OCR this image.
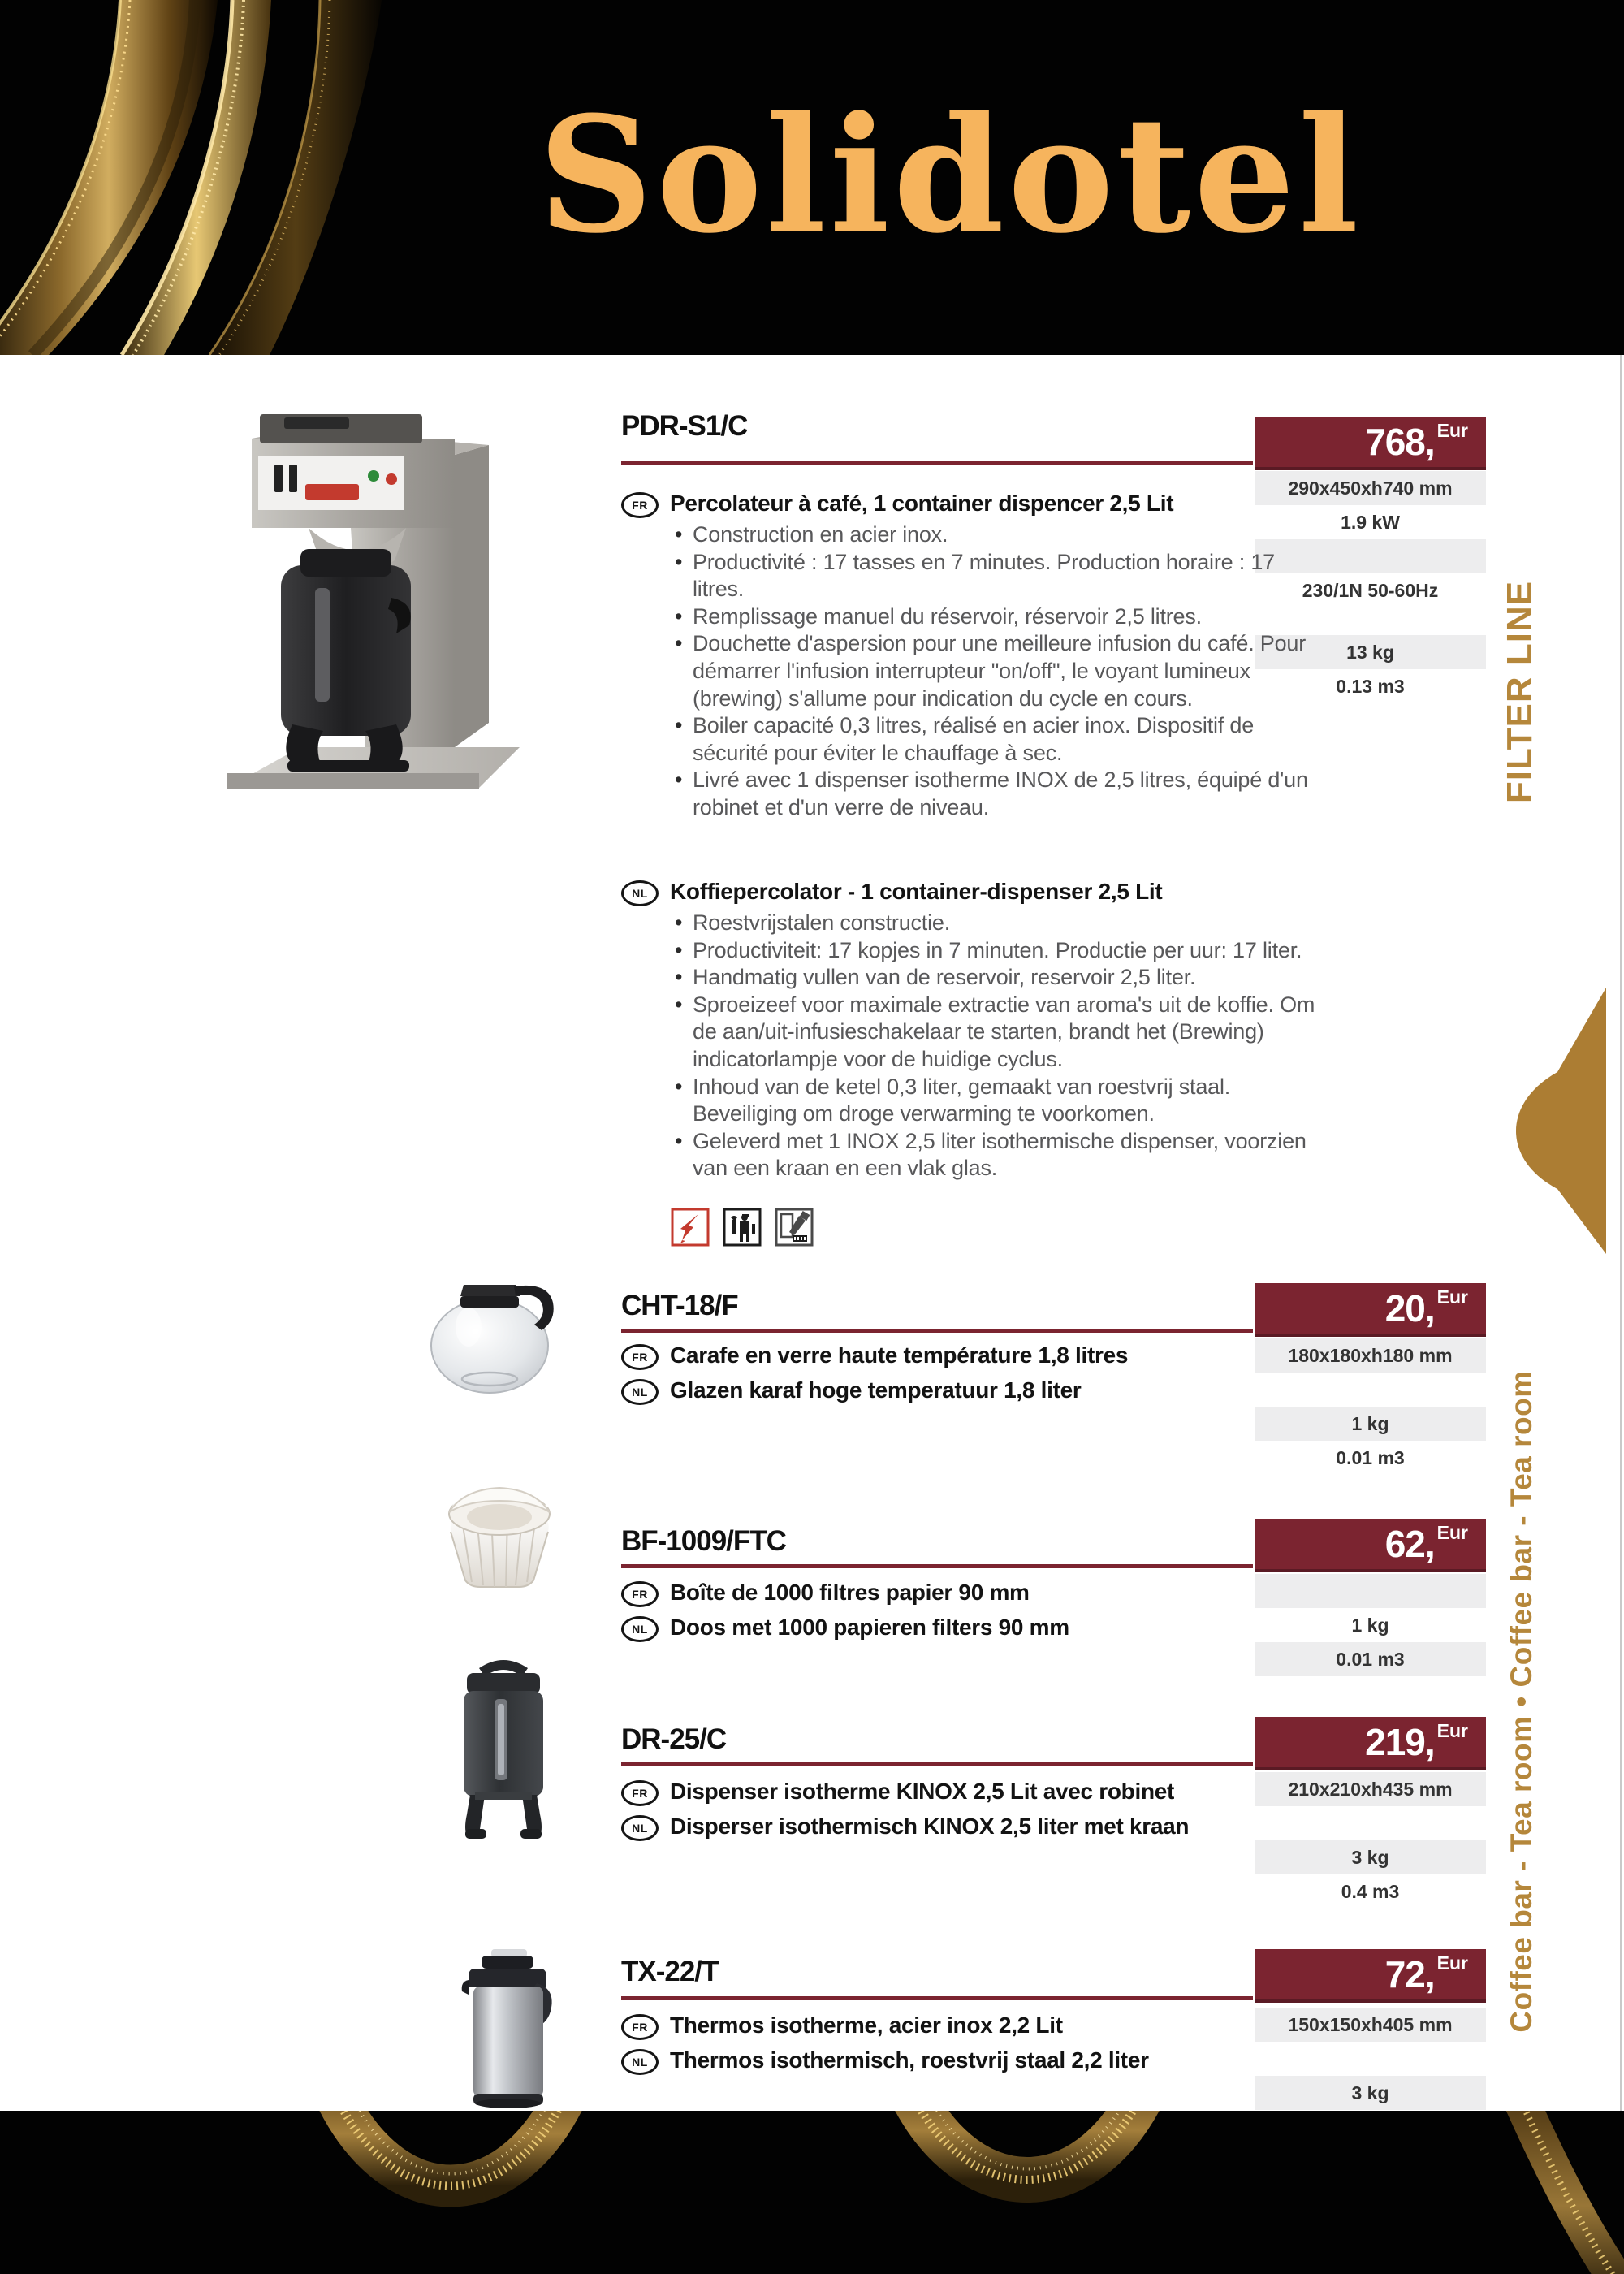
Solidotel
FILTER LINE
Coffee bar - Tea room • Coffee bar - Tea room
PDR-S1/C	768, Eur
290x450xh740 mm
1.9 kW
230/1N 50-60Hz
13 kg
0.13 m3
FR Percolateur à café, 1 container dispencer 2,5 Lit
• Construction en acier inox.
• Productivité : 17 tasses en 7 minutes. Production horaire : 17 litres.
• Remplissage manuel du réservoir, réservoir 2,5 litres.
• Douchette d'aspersion pour une meilleure infusion du café. Pour démarrer l'infusion interrupteur "on/off", le voyant lumineux (brewing) s'allume pour indication du cycle en cours.
• Boiler capacité 0,3 litres, réalisé en acier inox. Dispositif de sécurité pour éviter le chauffage à sec.
• Livré avec 1 dispenser isotherme INOX de 2,5 litres, équipé d'un robinet et d'un verre de niveau.
NL Koffiepercolator - 1 container-dispenser 2,5 Lit
• Roestvrijstalen constructie.
• Productiviteit: 17 kopjes in 7 minuten. Productie per uur: 17 liter.
• Handmatig vullen van de reservoir, reservoir 2,5 liter.
• Sproeizeef voor maximale extractie van aroma's uit de koffie. Om de aan/uit-infusieschakelaar te starten, brandt het (Brewing) indicatorlampje voor de huidige cyclus.
• Inhoud van de ketel 0,3 liter, gemaakt van roestvrij staal. Beveiliging om droge verwarming te voorkomen.
• Geleverd met 1 INOX 2,5 liter isothermische dispenser, voorzien van een kraan en een vlak glas.
CHT-18/F	20, Eur
180x180xh180 mm
1 kg
0.01 m3
FR Carafe en verre haute température 1,8 litres
NL Glazen karaf hoge temperatuur 1,8 liter
BF-1009/FTC	62, Eur
1 kg
0.01 m3
FR Boîte de 1000 filtres papier 90 mm
NL Doos met 1000 papieren filters 90 mm
DR-25/C	219, Eur
210x210xh435 mm
3 kg
0.4 m3
FR Dispenser isotherme KINOX 2,5 Lit avec robinet
NL Disperser isothermisch KINOX 2,5 liter met kraan
TX-22/T	72, Eur
150x150xh405 mm
3 kg
FR Thermos isotherme, acier inox 2,2 Lit
NL Thermos isothermisch, roestvrij staal 2,2 liter
